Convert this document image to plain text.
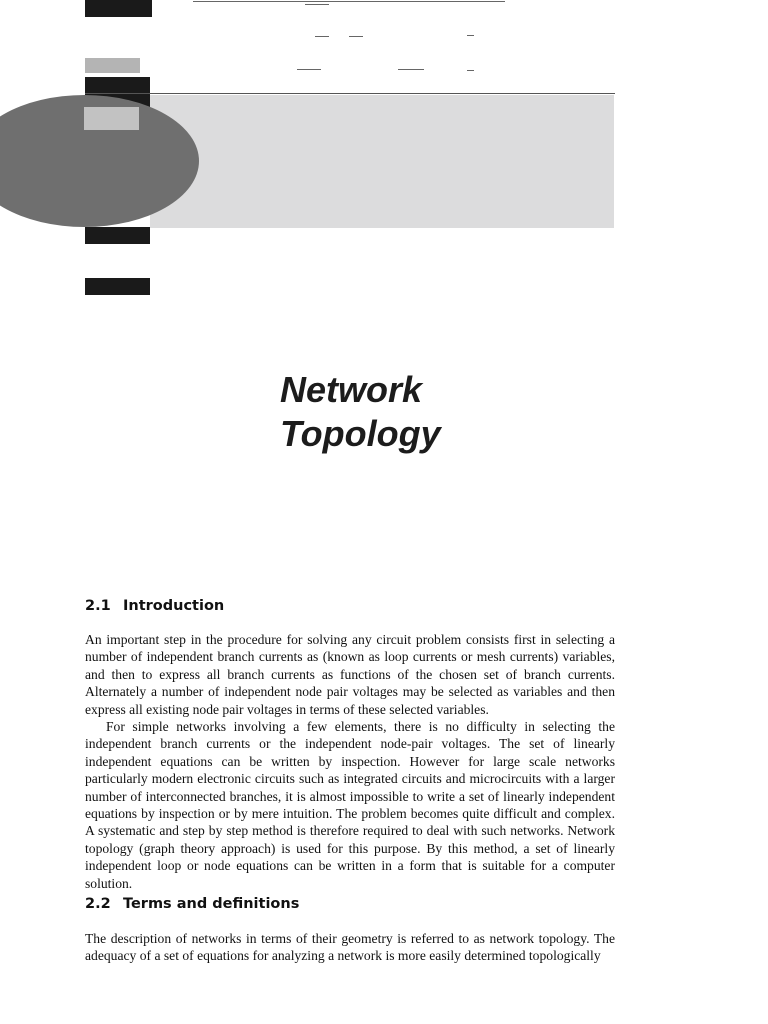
Network
Topology
2.1 Introduction

An important step in the procedure for solving any circuit problem consists first in selecting a number of independent branch currents as (known as loop currents or mesh currents) variables, and then to express all branch currents as functions of the chosen set of branch currents. Alternately a number of independent node pair voltages may be selected as variables and then express all existing node pair voltages in terms of these selected variables.

For simple networks involving a few elements, there is no difficulty in selecting the independent branch currents or the independent node-pair voltages. The set of linearly independent equations can be written by inspection. However for large scale networks particularly modern electronic circuits such as integrated circuits and microcircuits with a larger number of interconnected branches, it is almost impossible to write a set of linearly independent equations by inspection or by mere intuition. The problem becomes quite difficult and complex. A systematic and step by step method is therefore required to deal with such networks. Network topology (graph theory approach) is used for this purpose. By this method, a set of linearly independent loop or node equations can be written in a form that is suitable for a computer solution.

2.2 Terms and definitions

The description of networks in terms of their geometry is referred to as network topology. The adequacy of a set of equations for analyzing a network is more easily determined topologically
